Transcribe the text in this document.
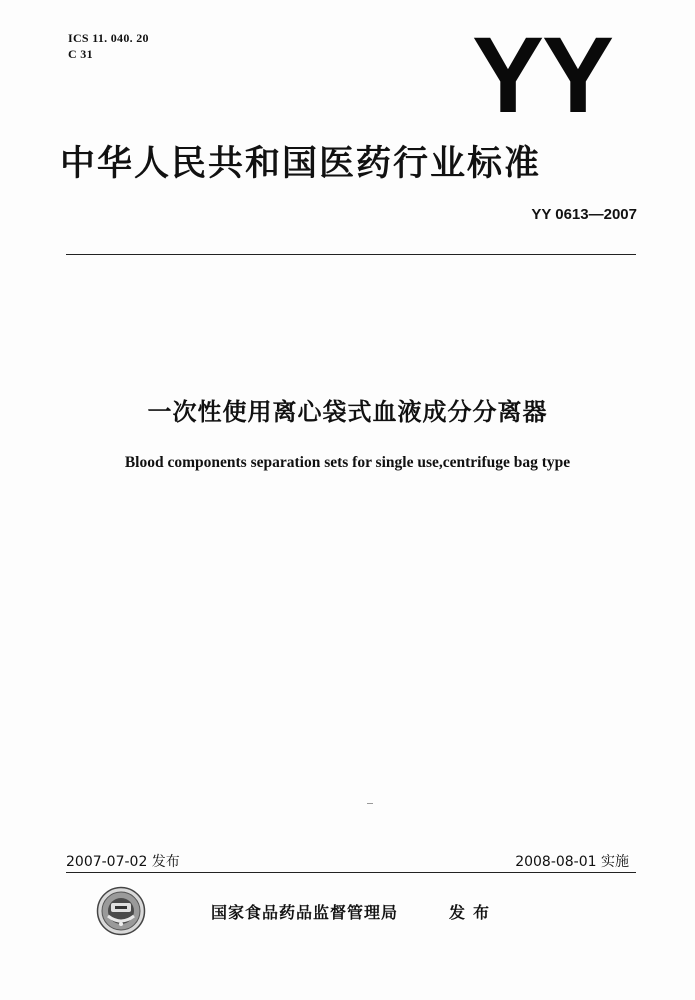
ICS 11. 040. 20
C 31	YY
中华人民共和国医药行业标准
YY 0613—2007
一次性使用离心袋式血液成分分离器
Blood components separation sets for single use,centrifuge bag type
2007-07-02 发布	2008-08-01 实施
国家食品药品监督管理局	发布
